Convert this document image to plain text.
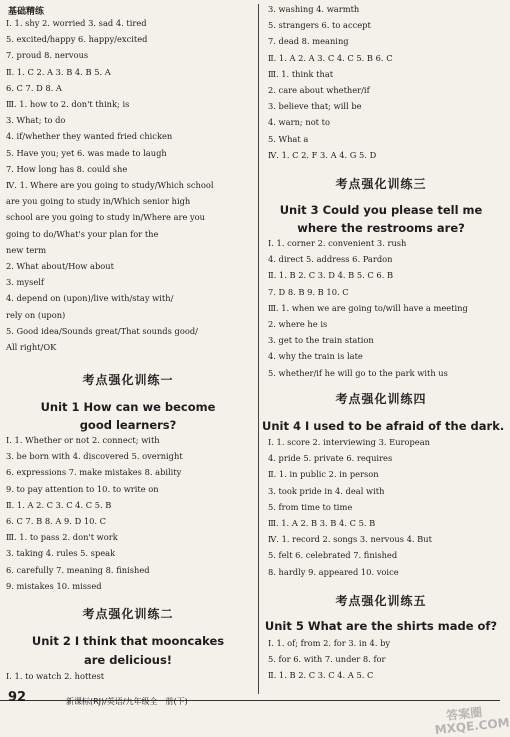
基础精练
Ⅰ. 1. shy 2. worried 3. sad 4. tired
5. excited/happy 6. happy/excited
7. proud 8. nervous
Ⅱ. 1. C 2. A 3. B 4. B 5. A
6. C 7. D 8. A
Ⅲ. 1. how to 2. don't think; is
3. What; to do
4. if/whether they wanted fried chicken
5. Have you; yet 6. was made to laugh
7. How long has 8. could she
Ⅳ. 1. Where are you going to study/Which school
are you going to study in/Which senior high
school are you going to study in/Where are you
going to do/What's your plan for the
new term
2. What about/How about
3. myself
4. depend on (upon)/live with/stay with/
rely on (upon)
5. Good idea/Sounds great/That sounds good/
All right/OK
考点强化训练一
Unit 1 How can we become
good learners?
Ⅰ. 1. Whether or not 2. connect; with
3. be born with 4. discovered 5. overnight
6. expressions 7. make mistakes 8. ability
9. to pay attention to 10. to write on
Ⅱ. 1. A 2. C 3. C 4. C 5. B
6. C 7. B 8. A 9. D 10. C
Ⅲ. 1. to pass 2. don't work
3. taking 4. rules 5. speak
6. carefully 7. meaning 8. finished
9. mistakes 10. missed
考点强化训练二
Unit 2 I think that mooncakes
are delicious!
Ⅰ. 1. to watch 2. hottest
3. washing 4. warmth
5. strangers 6. to accept
7. dead 8. meaning
Ⅱ. 1. A 2. A 3. C 4. C 5. B 6. C
Ⅲ. 1. think that
2. care about whether/if
3. believe that; will be
4. warn; not to
5. What a
Ⅳ. 1. C 2. F 3. A 4. G 5. D
考点强化训练三
Unit 3 Could you please tell me
where the restrooms are?
Ⅰ. 1. corner 2. convenient 3. rush
4. direct 5. address 6. Pardon
Ⅱ. 1. B 2. C 3. D 4. B 5. C 6. B
7. D 8. B 9. B 10. C
Ⅲ. 1. when we are going to/will have a meeting
2. where he is
3. get to the train station
4. why the train is late
5. whether/if he will go to the park with us
考点强化训练四
Unit 4 I used to be afraid of the dark.
Ⅰ. 1. score 2. interviewing 3. European
4. pride 5. private 6. requires
Ⅱ. 1. in public 2. in person
3. took pride in 4. deal with
5. from time to time
Ⅲ. 1. A 2. B 3. B 4. C 5. B
Ⅳ. 1. record 2. songs 3. nervous 4. But
5. felt 6. celebrated 7. finished
8. hardly 9. appeared 10. voice
考点强化训练五
Unit 5 What are the shirts made of?
Ⅰ. 1. of; from 2. for 3. in 4. by
5. for 6. with 7. under 8. for
Ⅱ. 1. B 2. C 3. C 4. A 5. C
92	新课标(RJ)/英语/九年级全一册(下)
答案圈 MXQE.COM
